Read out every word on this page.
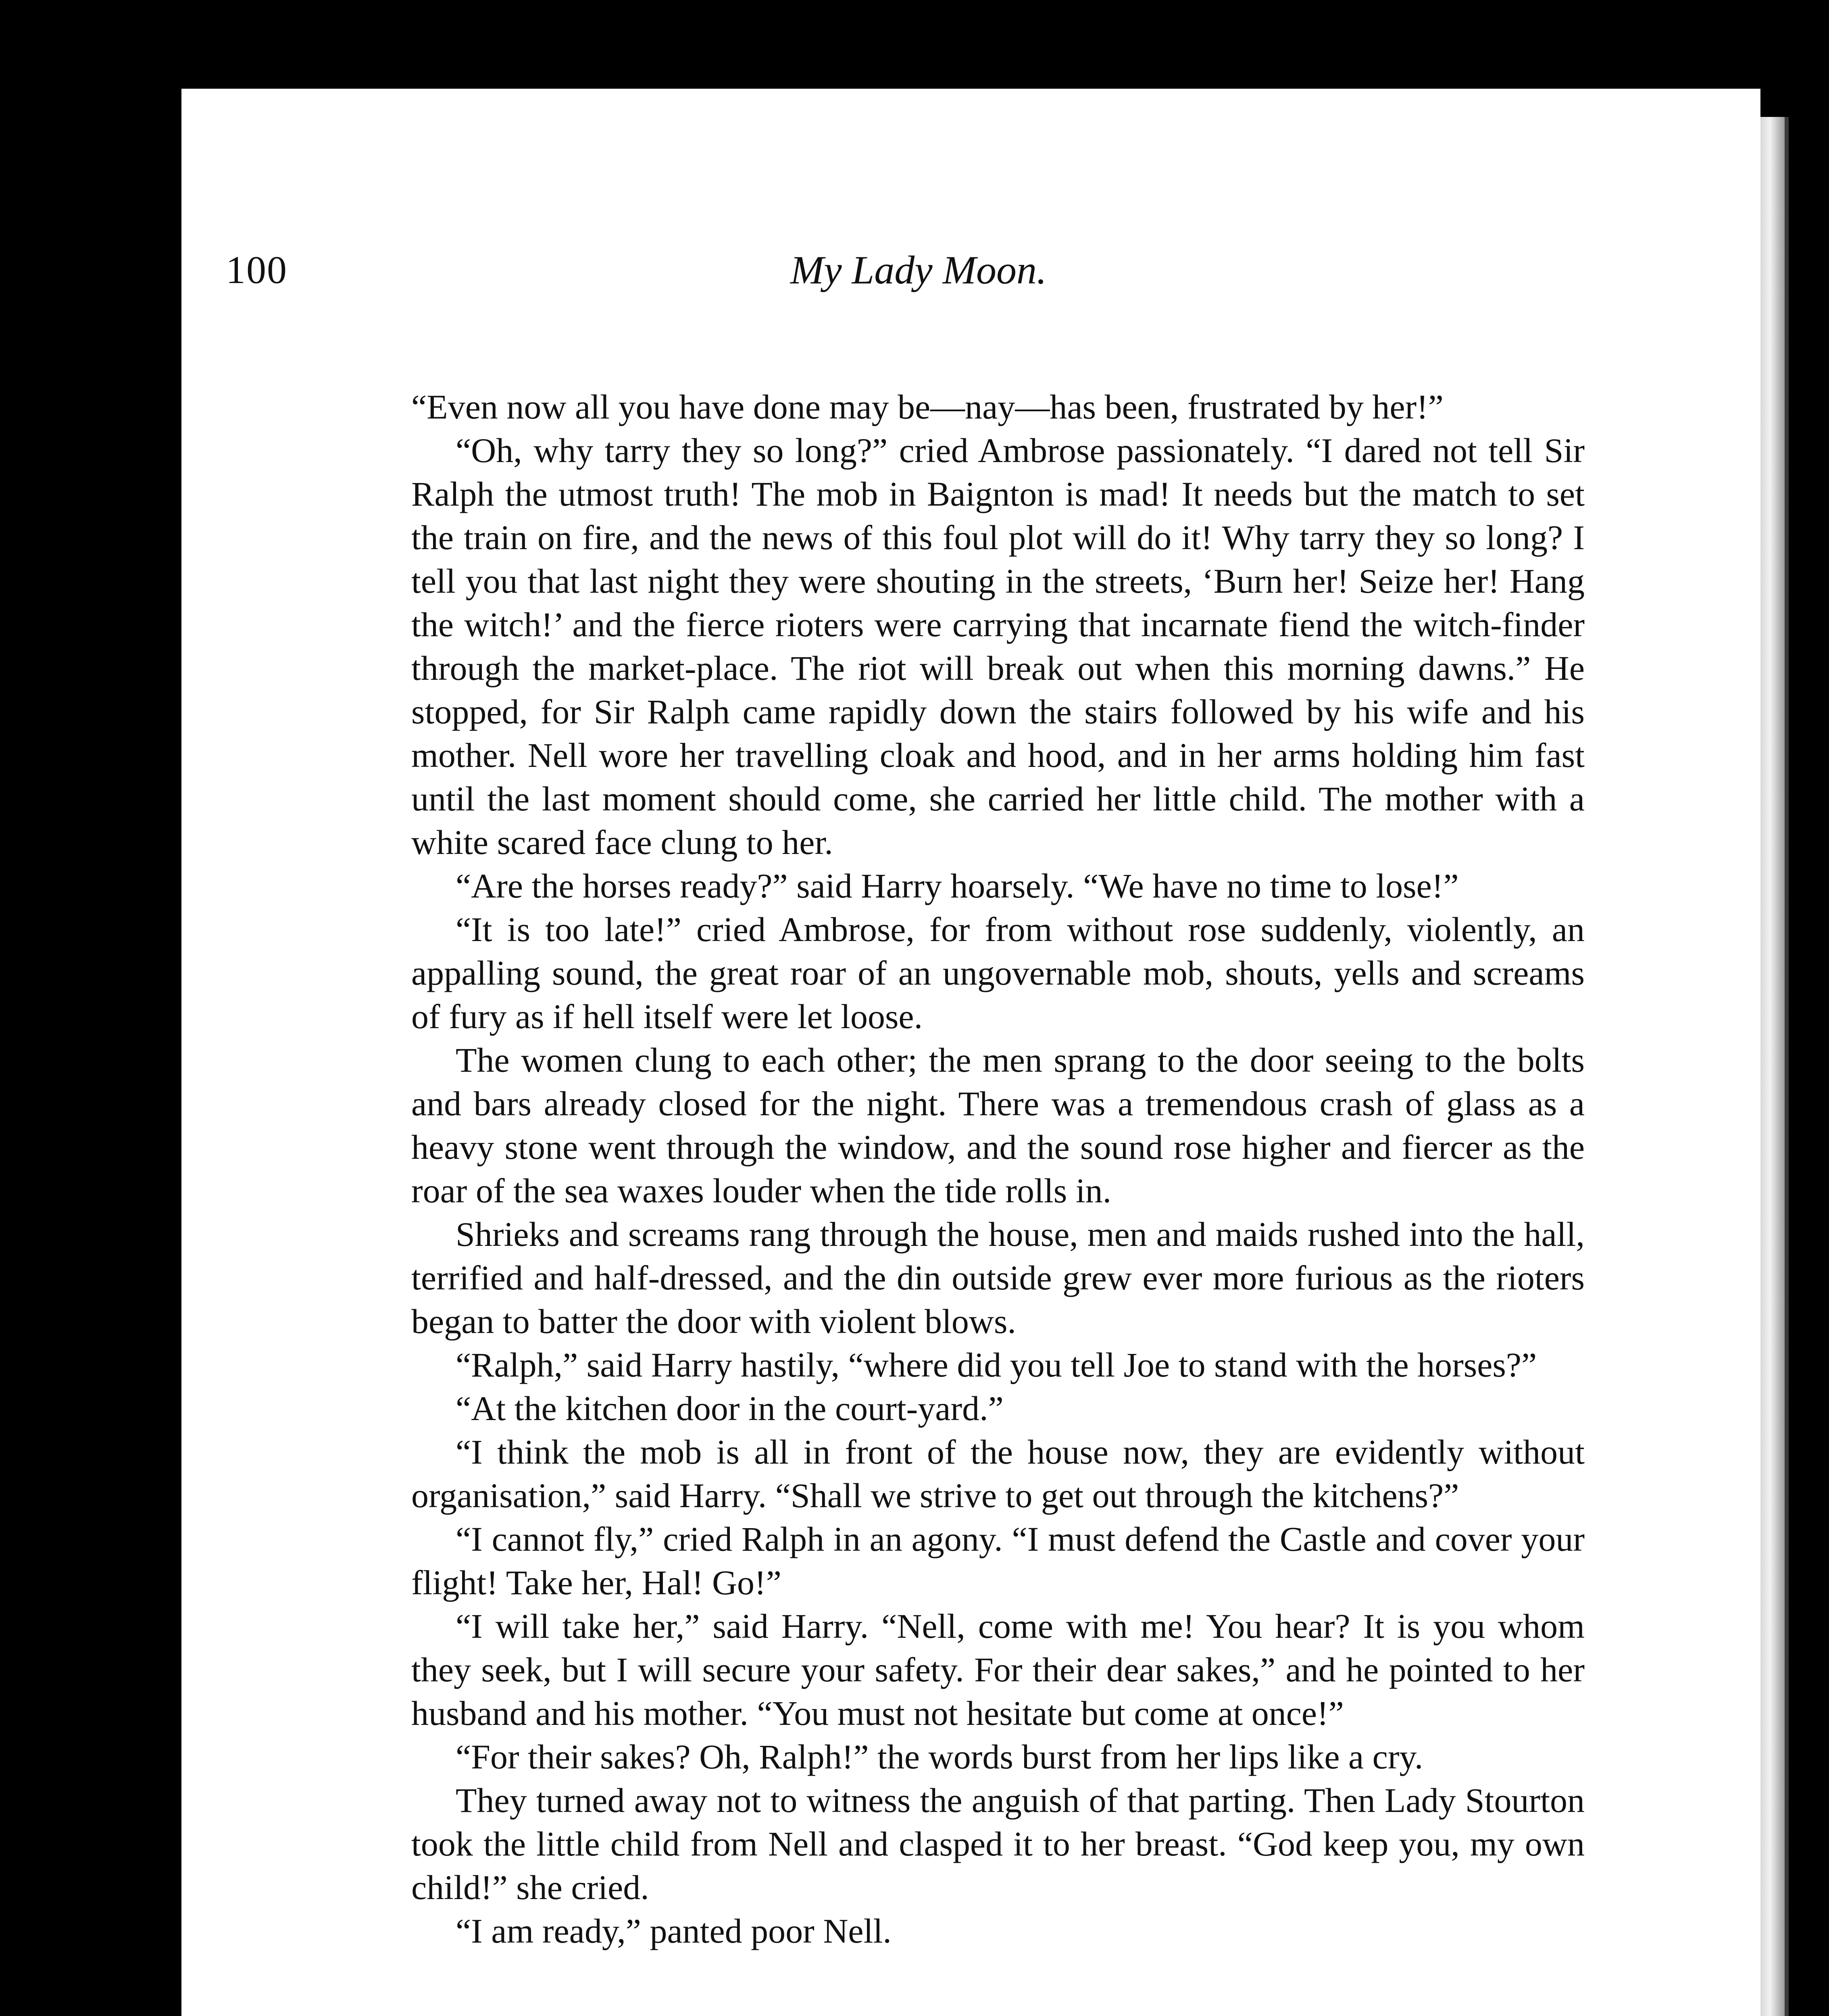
100	My Lady Moon.

“Even now all you have done may be—nay—has been, frustrated by her!”

“Oh, why tarry they so long?” cried Ambrose passionately. “I dared not tell Sir Ralph the utmost truth! The mob in Baignton is mad! It needs but the match to set the train on fire, and the news of this foul plot will do it! Why tarry they so long? I tell you that last night they were shouting in the streets, ‘Burn her! Seize her! Hang the witch!’ and the fierce rioters were carrying that incarnate fiend the witch-finder through the market-place. The riot will break out when this morning dawns.” He stopped, for Sir Ralph came rapidly down the stairs followed by his wife and his mother. Nell wore her travelling cloak and hood, and in her arms holding him fast until the last moment should come, she carried her little child. The mother with a white scared face clung to her.

“Are the horses ready?” said Harry hoarsely. “We have no time to lose!”

“It is too late!” cried Ambrose, for from without rose suddenly, violently, an appalling sound, the great roar of an ungovernable mob, shouts, yells and screams of fury as if hell itself were let loose.

The women clung to each other; the men sprang to the door seeing to the bolts and bars already closed for the night. There was a tremendous crash of glass as a heavy stone went through the window, and the sound rose higher and fiercer as the roar of the sea waxes louder when the tide rolls in.

Shrieks and screams rang through the house, men and maids rushed into the hall, terrified and half-dressed, and the din outside grew ever more furious as the rioters began to batter the door with violent blows.

“Ralph,” said Harry hastily, “where did you tell Joe to stand with the horses?”

“At the kitchen door in the court-yard.”

“I think the mob is all in front of the house now, they are evidently without organisation,” said Harry. “Shall we strive to get out through the kitchens?”

“I cannot fly,” cried Ralph in an agony. “I must defend the Castle and cover your flight! Take her, Hal! Go!”

“I will take her,” said Harry. “Nell, come with me! You hear? It is you whom they seek, but I will secure your safety. For their dear sakes,” and he pointed to her husband and his mother. “You must not hesitate but come at once!”

“For their sakes? Oh, Ralph!” the words burst from her lips like a cry.

They turned away not to witness the anguish of that parting. Then Lady Stourton took the little child from Nell and clasped it to her breast. “God keep you, my own child!” she cried.

“I am ready,” panted poor Nell.
